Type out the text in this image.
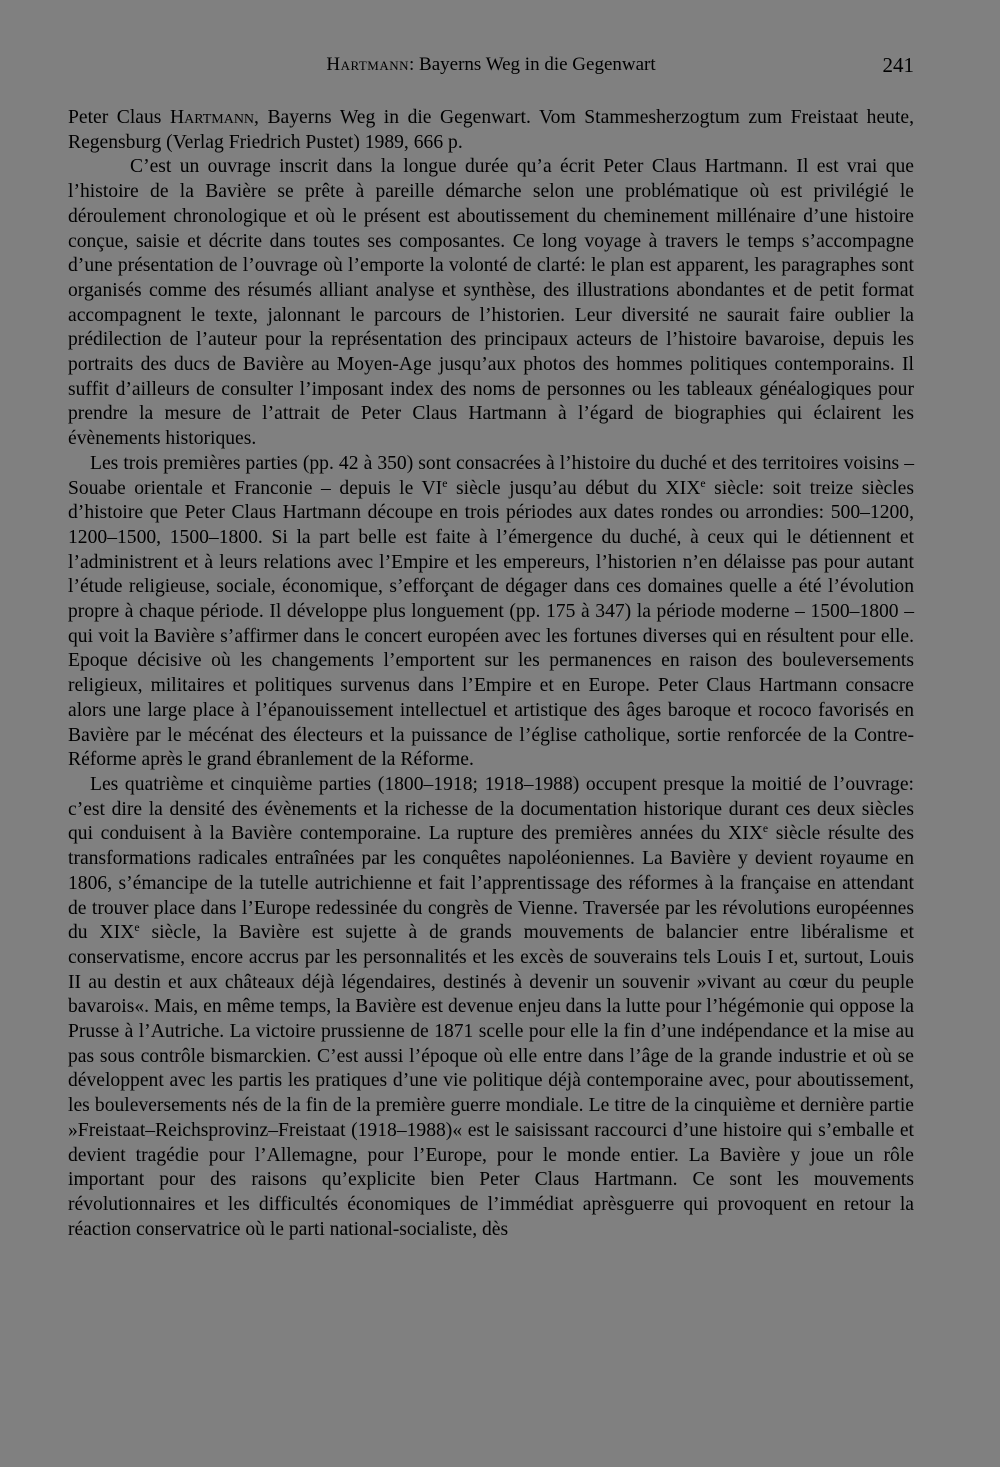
Hartmann: Bayerns Weg in die Gegenwart	241

Peter Claus Hartmann, Bayerns Weg in die Gegenwart. Vom Stammesherzogtum zum Freistaat heute, Regensburg (Verlag Friedrich Pustet) 1989, 666 p.

C’est un ouvrage inscrit dans la longue durée qu’a écrit Peter Claus Hartmann. Il est vrai que l’histoire de la Bavière se prête à pareille démarche selon une problématique où est privilégié le déroulement chronologique et où le présent est aboutissement du cheminement millénaire d’une histoire conçue, saisie et décrite dans toutes ses composantes. Ce long voyage à travers le temps s’accompagne d’une présentation de l’ouvrage où l’emporte la volonté de clarté: le plan est apparent, les paragraphes sont organisés comme des résumés alliant analyse et synthèse, des illustrations abondantes et de petit format accompagnent le texte, jalonnant le parcours de l’historien. Leur diversité ne saurait faire oublier la prédilection de l’auteur pour la représentation des principaux acteurs de l’histoire bavaroise, depuis les portraits des ducs de Bavière au Moyen-Age jusqu’aux photos des hommes politiques contemporains. Il suffit d’ailleurs de consulter l’imposant index des noms de personnes ou les tableaux généalogiques pour prendre la mesure de l’attrait de Peter Claus Hartmann à l’égard de biographies qui éclairent les évènements historiques.

Les trois premières parties (pp. 42 à 350) sont consacrées à l’histoire du duché et des territoires voisins – Souabe orientale et Franconie – depuis le VIe siècle jusqu’au début du XIXe siècle: soit treize siècles d’histoire que Peter Claus Hartmann découpe en trois périodes aux dates rondes ou arrondies: 500–1200, 1200–1500, 1500–1800. Si la part belle est faite à l’émergence du duché, à ceux qui le détiennent et l’administrent et à leurs relations avec l’Empire et les empereurs, l’historien n’en délaisse pas pour autant l’étude religieuse, sociale, économique, s’efforçant de dégager dans ces domaines quelle a été l’évolution propre à chaque période. Il développe plus longuement (pp. 175 à 347) la période moderne – 1500–1800 – qui voit la Bavière s’affirmer dans le concert européen avec les fortunes diverses qui en résultent pour elle. Epoque décisive où les changements l’emportent sur les permanences en raison des bouleversements religieux, militaires et politiques survenus dans l’Empire et en Europe. Peter Claus Hartmann consacre alors une large place à l’épanouissement intellectuel et artistique des âges baroque et rococo favorisés en Bavière par le mécénat des électeurs et la puissance de l’église catholique, sortie renforcée de la Contre-Réforme après le grand ébranlement de la Réforme.

Les quatrième et cinquième parties (1800–1918; 1918–1988) occupent presque la moitié de l’ouvrage: c’est dire la densité des évènements et la richesse de la documentation historique durant ces deux siècles qui conduisent à la Bavière contemporaine. La rupture des premières années du XIXe siècle résulte des transformations radicales entraînées par les conquêtes napoléoniennes. La Bavière y devient royaume en 1806, s’émancipe de la tutelle autrichienne et fait l’apprentissage des réformes à la française en attendant de trouver place dans l’Europe redessinée du congrès de Vienne. Traversée par les révolutions européennes du XIXe siècle, la Bavière est sujette à de grands mouvements de balancier entre libéralisme et conservatisme, encore accrus par les personnalités et les excès de souverains tels Louis I et, surtout, Louis II au destin et aux châteaux déjà légendaires, destinés à devenir un souvenir »vivant au cœur du peuple bavarois«. Mais, en même temps, la Bavière est devenue enjeu dans la lutte pour l’hégémonie qui oppose la Prusse à l’Autriche. La victoire prussienne de 1871 scelle pour elle la fin d’une indépendance et la mise au pas sous contrôle bismarckien. C’est aussi l’époque où elle entre dans l’âge de la grande industrie et où se développent avec les partis les pratiques d’une vie politique déjà contemporaine avec, pour aboutissement, les bouleversements nés de la fin de la première guerre mondiale. Le titre de la cinquième et dernière partie »Freistaat–Reichsprovinz–Freistaat (1918–1988)« est le saisissant raccourci d’une histoire qui s’emballe et devient tragédie pour l’Allemagne, pour l’Europe, pour le monde entier. La Bavière y joue un rôle important pour des raisons qu’explicite bien Peter Claus Hartmann. Ce sont les mouvements révolutionnaires et les difficultés économiques de l’immédiat aprèsguerre qui provoquent en retour la réaction conservatrice où le parti national-socialiste, dès
